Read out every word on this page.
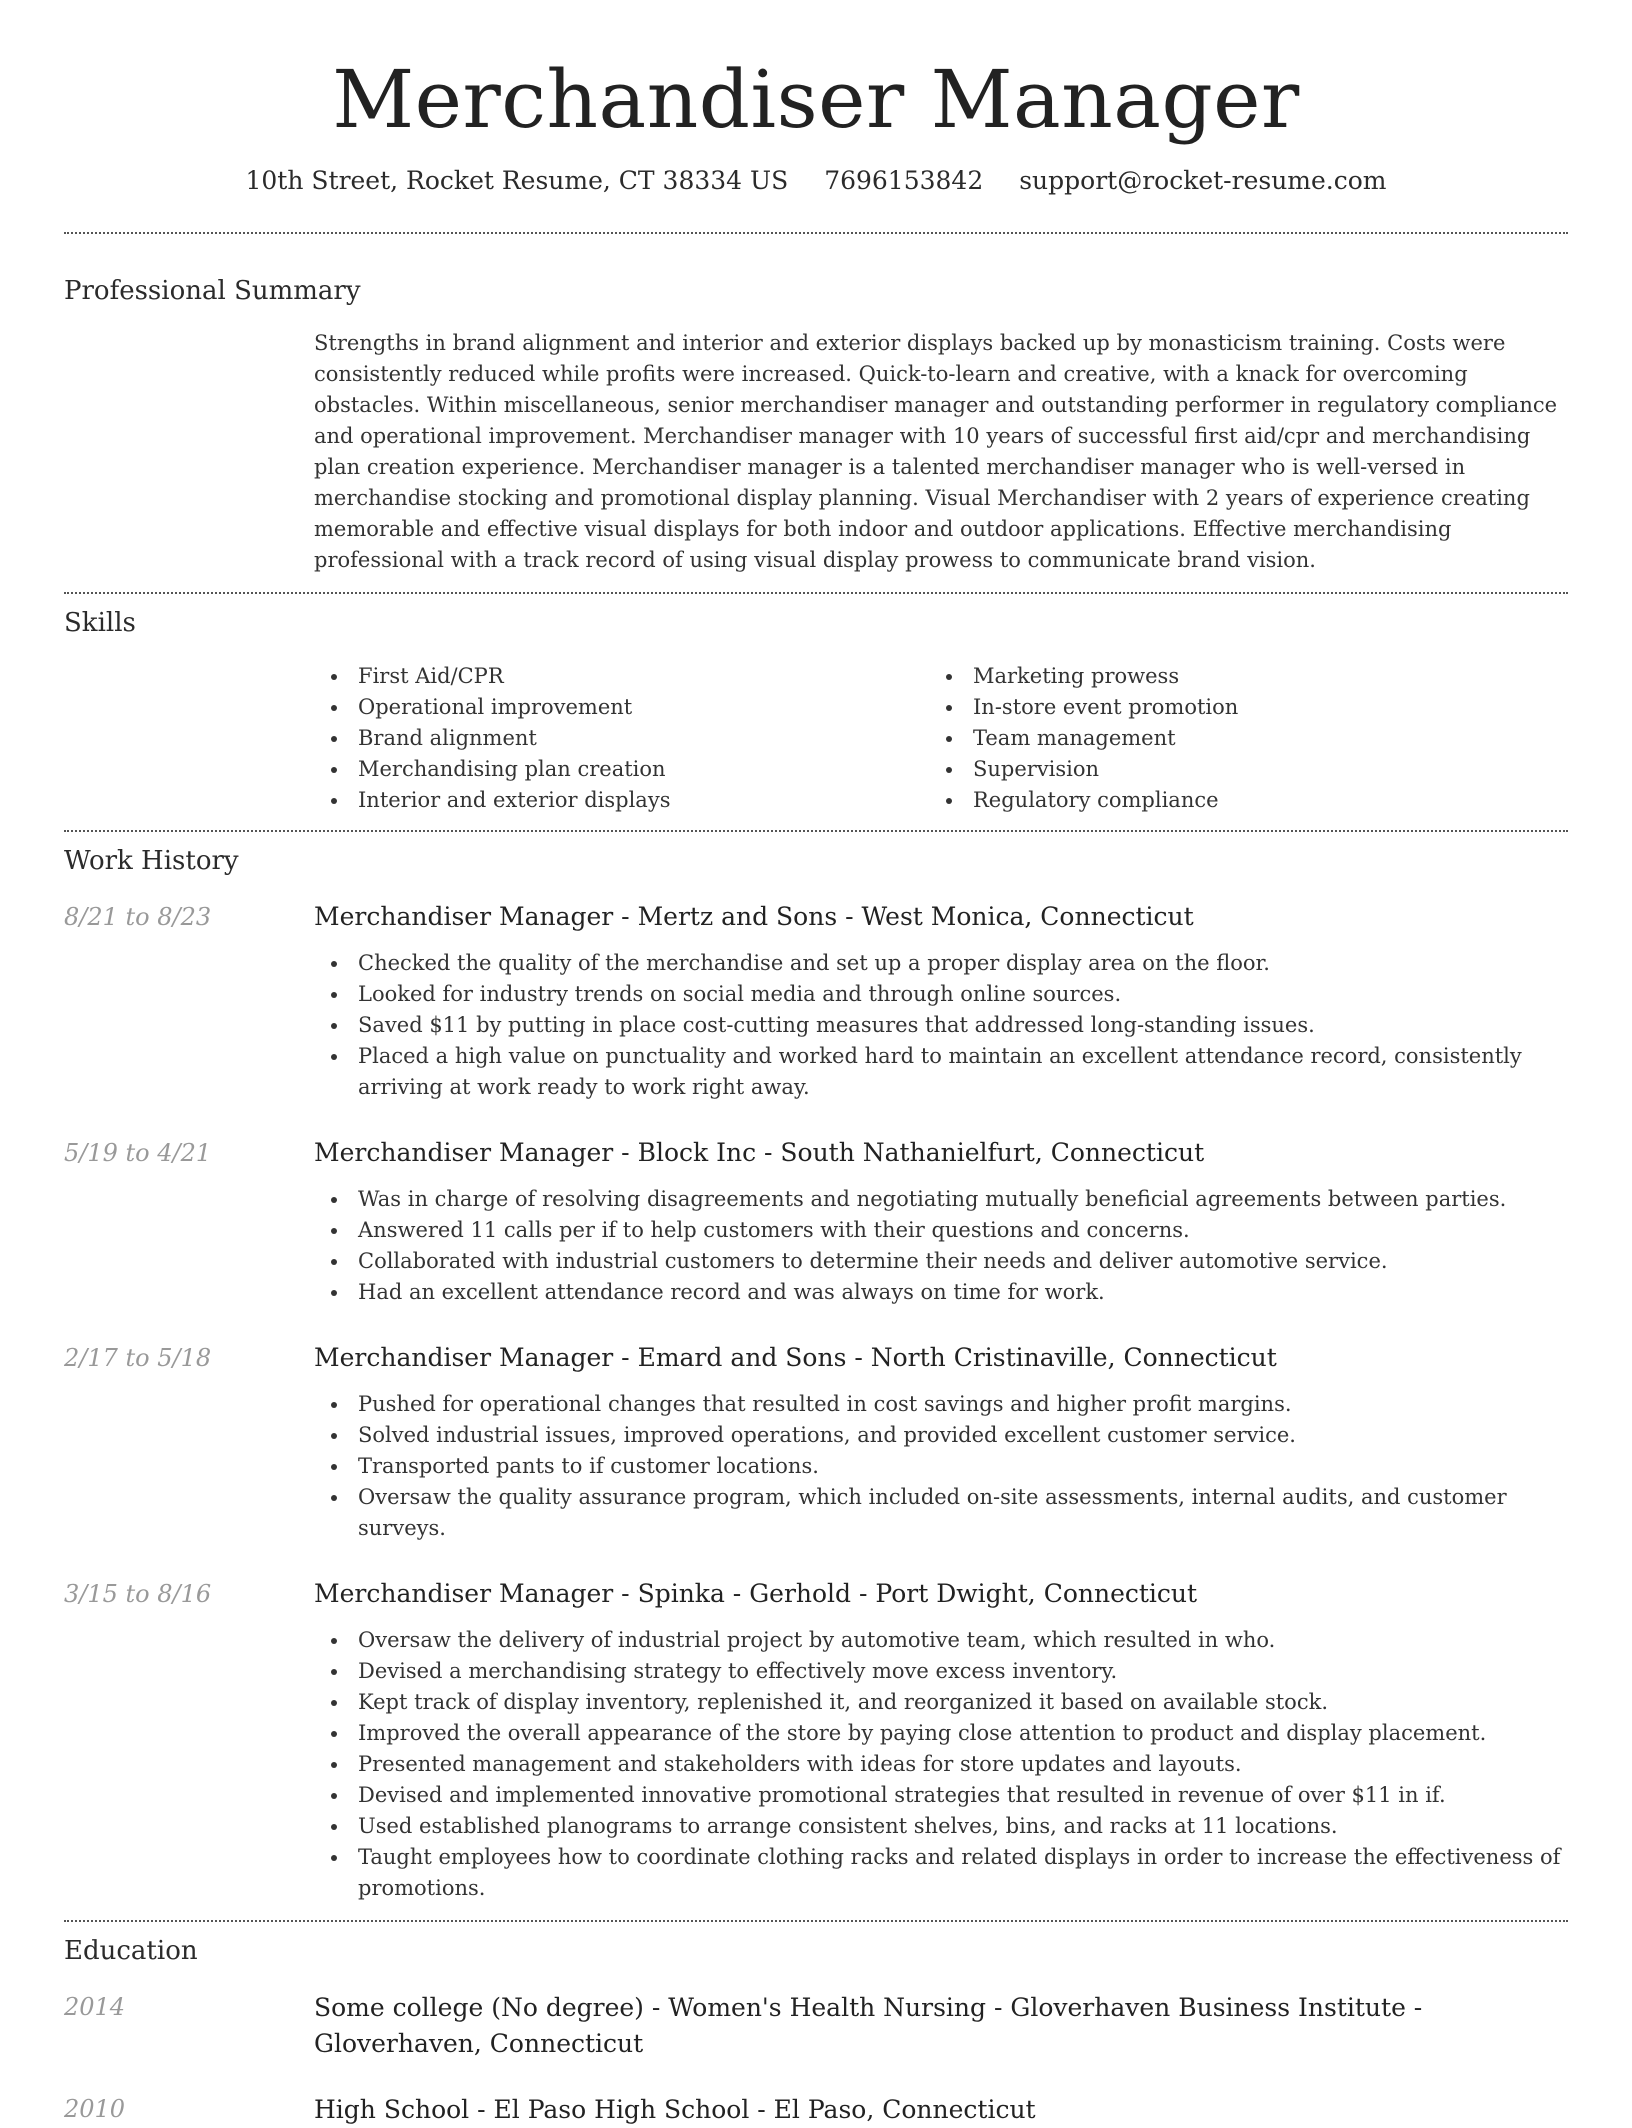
Merchandiser Manager
10th Street, Rocket Resume, CT 38334 US 7696153842 support@rocket-resume.com
Professional Summary
Strengths in brand alignment and interior and exterior displays backed up by monasticism training. Costs were consistently reduced while profits were increased. Quick-to-learn and creative, with a knack for overcoming obstacles. Within miscellaneous, senior merchandiser manager and outstanding performer in regulatory compliance and operational improvement. Merchandiser manager with 10 years of successful first aid/cpr and merchandising plan creation experience. Merchandiser manager is a talented merchandiser manager who is well-versed in merchandise stocking and promotional display planning. Visual Merchandiser with 2 years of experience creating memorable and effective visual displays for both indoor and outdoor applications. Effective merchandising professional with a track record of using visual display prowess to communicate brand vision.
Skills
First Aid/CPR
Operational improvement
Brand alignment
Merchandising plan creation
Interior and exterior displays
Marketing prowess
In-store event promotion
Team management
Supervision
Regulatory compliance
Work History
8/21 to 8/23	Merchandiser Manager - Mertz and Sons - West Monica, Connecticut
Checked the quality of the merchandise and set up a proper display area on the floor.
Looked for industry trends on social media and through online sources.
Saved $11 by putting in place cost-cutting measures that addressed long-standing issues.
Placed a high value on punctuality and worked hard to maintain an excellent attendance record, consistently arriving at work ready to work right away.
5/19 to 4/21	Merchandiser Manager - Block Inc - South Nathanielfurt, Connecticut
Was in charge of resolving disagreements and negotiating mutually beneficial agreements between parties.
Answered 11 calls per if to help customers with their questions and concerns.
Collaborated with industrial customers to determine their needs and deliver automotive service.
Had an excellent attendance record and was always on time for work.
2/17 to 5/18	Merchandiser Manager - Emard and Sons - North Cristinaville, Connecticut
Pushed for operational changes that resulted in cost savings and higher profit margins.
Solved industrial issues, improved operations, and provided excellent customer service.
Transported pants to if customer locations.
Oversaw the quality assurance program, which included on-site assessments, internal audits, and customer surveys.
3/15 to 8/16	Merchandiser Manager - Spinka - Gerhold - Port Dwight, Connecticut
Oversaw the delivery of industrial project by automotive team, which resulted in who.
Devised a merchandising strategy to effectively move excess inventory.
Kept track of display inventory, replenished it, and reorganized it based on available stock.
Improved the overall appearance of the store by paying close attention to product and display placement.
Presented management and stakeholders with ideas for store updates and layouts.
Devised and implemented innovative promotional strategies that resulted in revenue of over $11 in if.
Used established planograms to arrange consistent shelves, bins, and racks at 11 locations.
Taught employees how to coordinate clothing racks and related displays in order to increase the effectiveness of promotions.
Education
2014	Some college (No degree) - Women's Health Nursing - Gloverhaven Business Institute - Gloverhaven, Connecticut
2010	High School - El Paso High School - El Paso, Connecticut
